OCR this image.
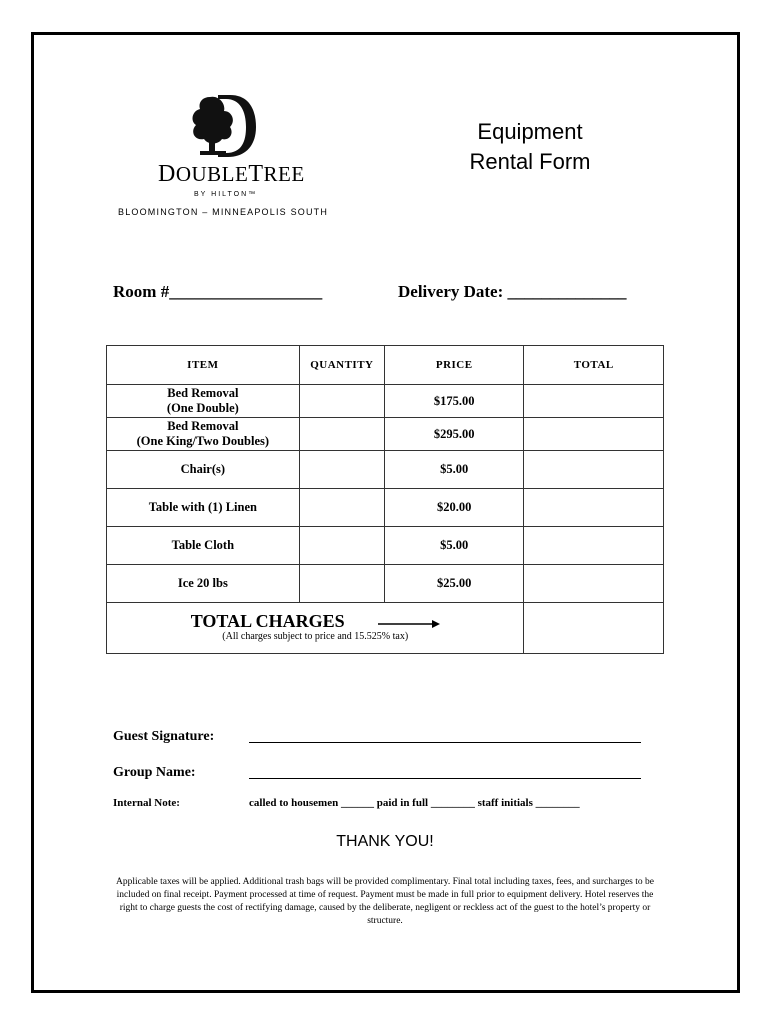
DOUBLETREE
BY HILTON™
BLOOMINGTON – MINNEAPOLIS SOUTH
Equipment
Rental Form
Room #__________________	Delivery Date: ______________
ITEM	QUANTITY	PRICE	TOTAL

Bed Removal
(One Double)		$175.00	

Bed Removal
(One King/Two Doubles)		$295.00	
Chair(s)		$5.00	
Table with (1) Linen		$20.00	
Table Cloth		$5.00	
Ice 20 lbs		$25.00	
TOTAL CHARGES
(All charges subject to price and 15.525% tax)			

Guest Signature:
Group Name:
Internal Note:	called to housemen ______ paid in full ________ staff initials ________
THANK YOU!
Applicable taxes will be applied. Additional trash bags will be provided complimentary. Final total including taxes, fees, and surcharges to be included on final receipt. Payment processed at time of request. Payment must be made in full prior to equipment delivery. Hotel reserves the right to charge guests the cost of rectifying damage, caused by the deliberate, negligent or reckless act of the guest to the hotel’s property or structure.
